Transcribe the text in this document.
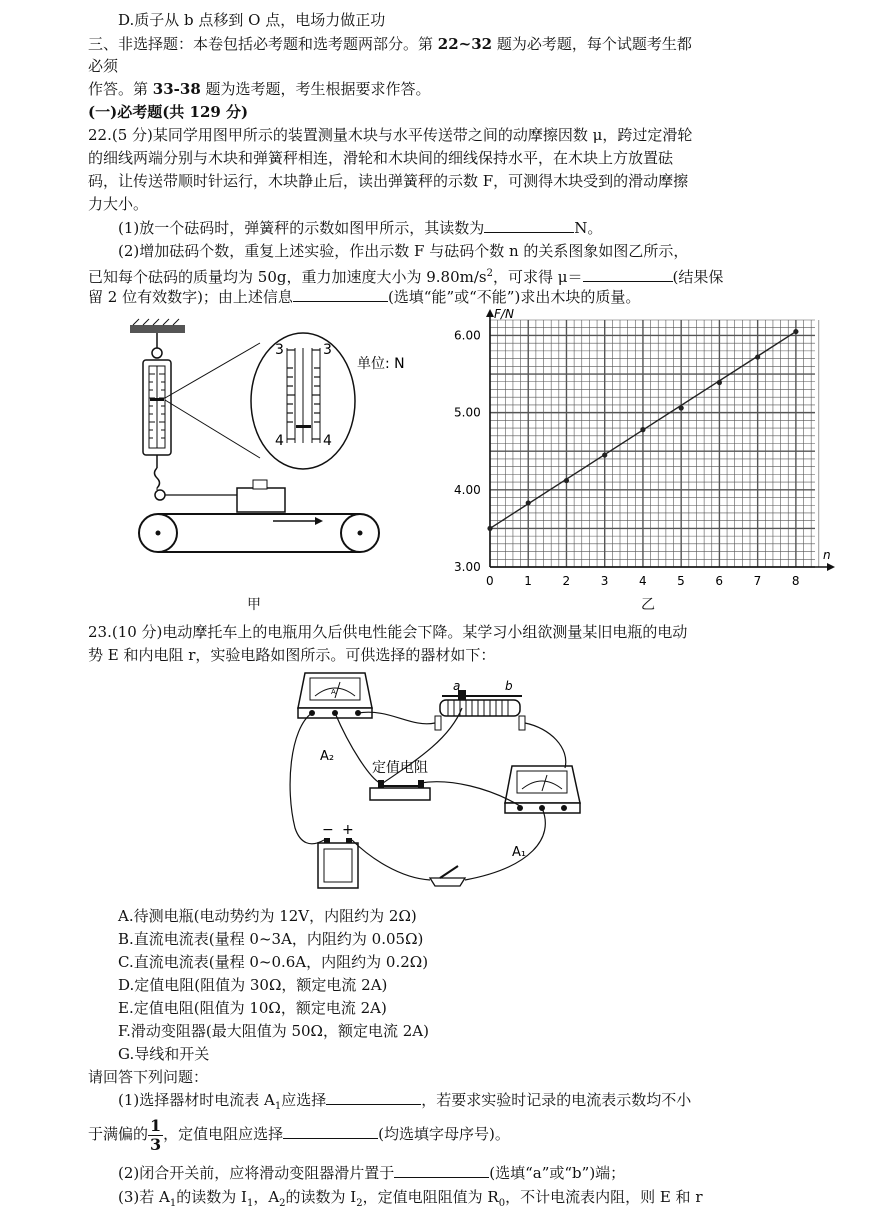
D.质子从 b 点移到 O 点，电场力做正功
三、非选择题：本卷包括必考题和选考题两部分。第 22~32 题为必考题，每个试题考生都
必须
作答。第 33-38 题为选考题，考生根据要求作答。
(一)必考题(共 129 分)
22.(5 分)某同学用图甲所示的装置测量木块与水平传送带之间的动摩擦因数 μ，跨过定滑轮
的细线两端分别与木块和弹簧秤相连，滑轮和木块间的细线保持水平，在木块上方放置砝
码，让传送带顺时针运行，木块静止后，读出弹簧秤的示数 F，可测得木块受到的滑动摩擦
力大小。
(1)放一个砝码时，弹簧秤的示数如图甲所示，其读数为	N。
(2)增加砝码个数，重复上述实验，作出示数 F 与砝码个数 n 的关系图象如图乙所示，
已知每个砝码的质量均为 50g，重力加速度大小为 $9.80m/s^2$，可求得 μ＝	(结果保
留 2 位有效数字)；由上述信息	(选填“能”或“不能”)求出木块的质量。
3	3
4	4
单位: N
甲
0	1	2	3	4	5	6	7	8
3.00
4.00
5.00
6.00
F/N
n
乙
23.(10 分)电动摩托车上的电瓶用久后供电性能会下降。某学习小组欲测量某旧电瓶的电动
势 E 和内电阻 r，实验电路如图所示。可供选择的器材如下：
A
A₂
a	b
定值电阻
A₁
− +
A.待测电瓶(电动势约为 12V，内阻约为 2Ω)
B.直流电流表(量程 0~3A，内阻约为 0.05Ω)
C.直流电流表(量程 0~0.6A，内阻约为 0.2Ω)
D.定值电阻(阻值为 30Ω，额定电流 2A)
E.定值电阻(阻值为 10Ω，额定电流 2A)
F.滑动变阻器(最大阻值为 50Ω，额定电流 2A)
G.导线和开关
请回答下列问题：
(1)选择器材时电流表 $A_1$应选择	，若要求实验时记录的电流表示数均不小
于满偏的 $\frac{1}{3}$ ，定值电阻应选择	(均选填字母序号)。
(2)闭合开关前，应将滑动变阻器滑片置于	(选填“a”或“b”)端；
(3)若 $A_1$的读数为 $I_1$，$A_2$的读数为 $I_2$，定值电阻阻值为 $R_0$，不计电流表内阻，则 E 和 r
